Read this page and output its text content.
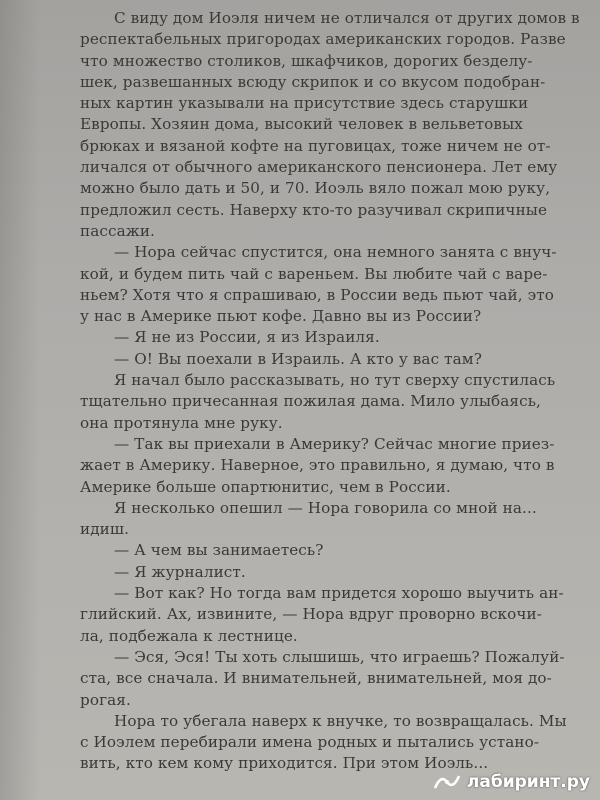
С виду дом Иоэля ничем не отличался от других домов в
респектабельных пригородах американских городов. Разве
что множество столиков, шкафчиков, дорогих безделу-
шек, развешанных всюду скрипок и со вкусом подобран-
ных картин указывали на присутствие здесь старушки
Европы. Хозяин дома, высокий человек в вельветовых
брюках и вязаной кофте на пуговицах, тоже ничем не от-
личался от обычного американского пенсионера. Лет ему
можно было дать и 50, и 70. Иоэль вяло пожал мою руку,
предложил сесть. Наверху кто-то разучивал скрипичные
пассажи.
— Нора сейчас спустится, она немного занята с внуч-
кой, и будем пить чай с вареньем. Вы любите чай с варе-
ньем? Хотя что я спрашиваю, в России ведь пьют чай, это
у нас в Америке пьют кофе. Давно вы из России?
— Я не из России, я из Израиля.
— О! Вы поехали в Израиль. А кто у вас там?
Я начал было рассказывать, но тут сверху спустилась
тщательно причесанная пожилая дама. Мило улыбаясь,
она протянула мне руку.
— Так вы приехали в Америку? Сейчас многие приез-
жает в Америку. Наверное, это правильно, я думаю, что в
Америке больше опартюнитис, чем в России.
Я несколько опешил — Нора говорила со мной на...
идиш.
— А чем вы занимаетесь?
— Я журналист.
— Вот как? Но тогда вам придется хорошо выучить ан-
глийский. Ах, извините, — Нора вдруг проворно вскочи-
ла, подбежала к лестнице.
— Эся, Эся! Ты хоть слышишь, что играешь? Пожалуй-
ста, все сначала. И внимательней, внимательней, моя до-
рогая.
Нора то убегала наверх к внучке, то возвращалась. Мы
с Иоэлем перебирали имена родных и пытались устано-
вить, кто кем кому приходится. При этом Иоэль...
лабиринт.ру
